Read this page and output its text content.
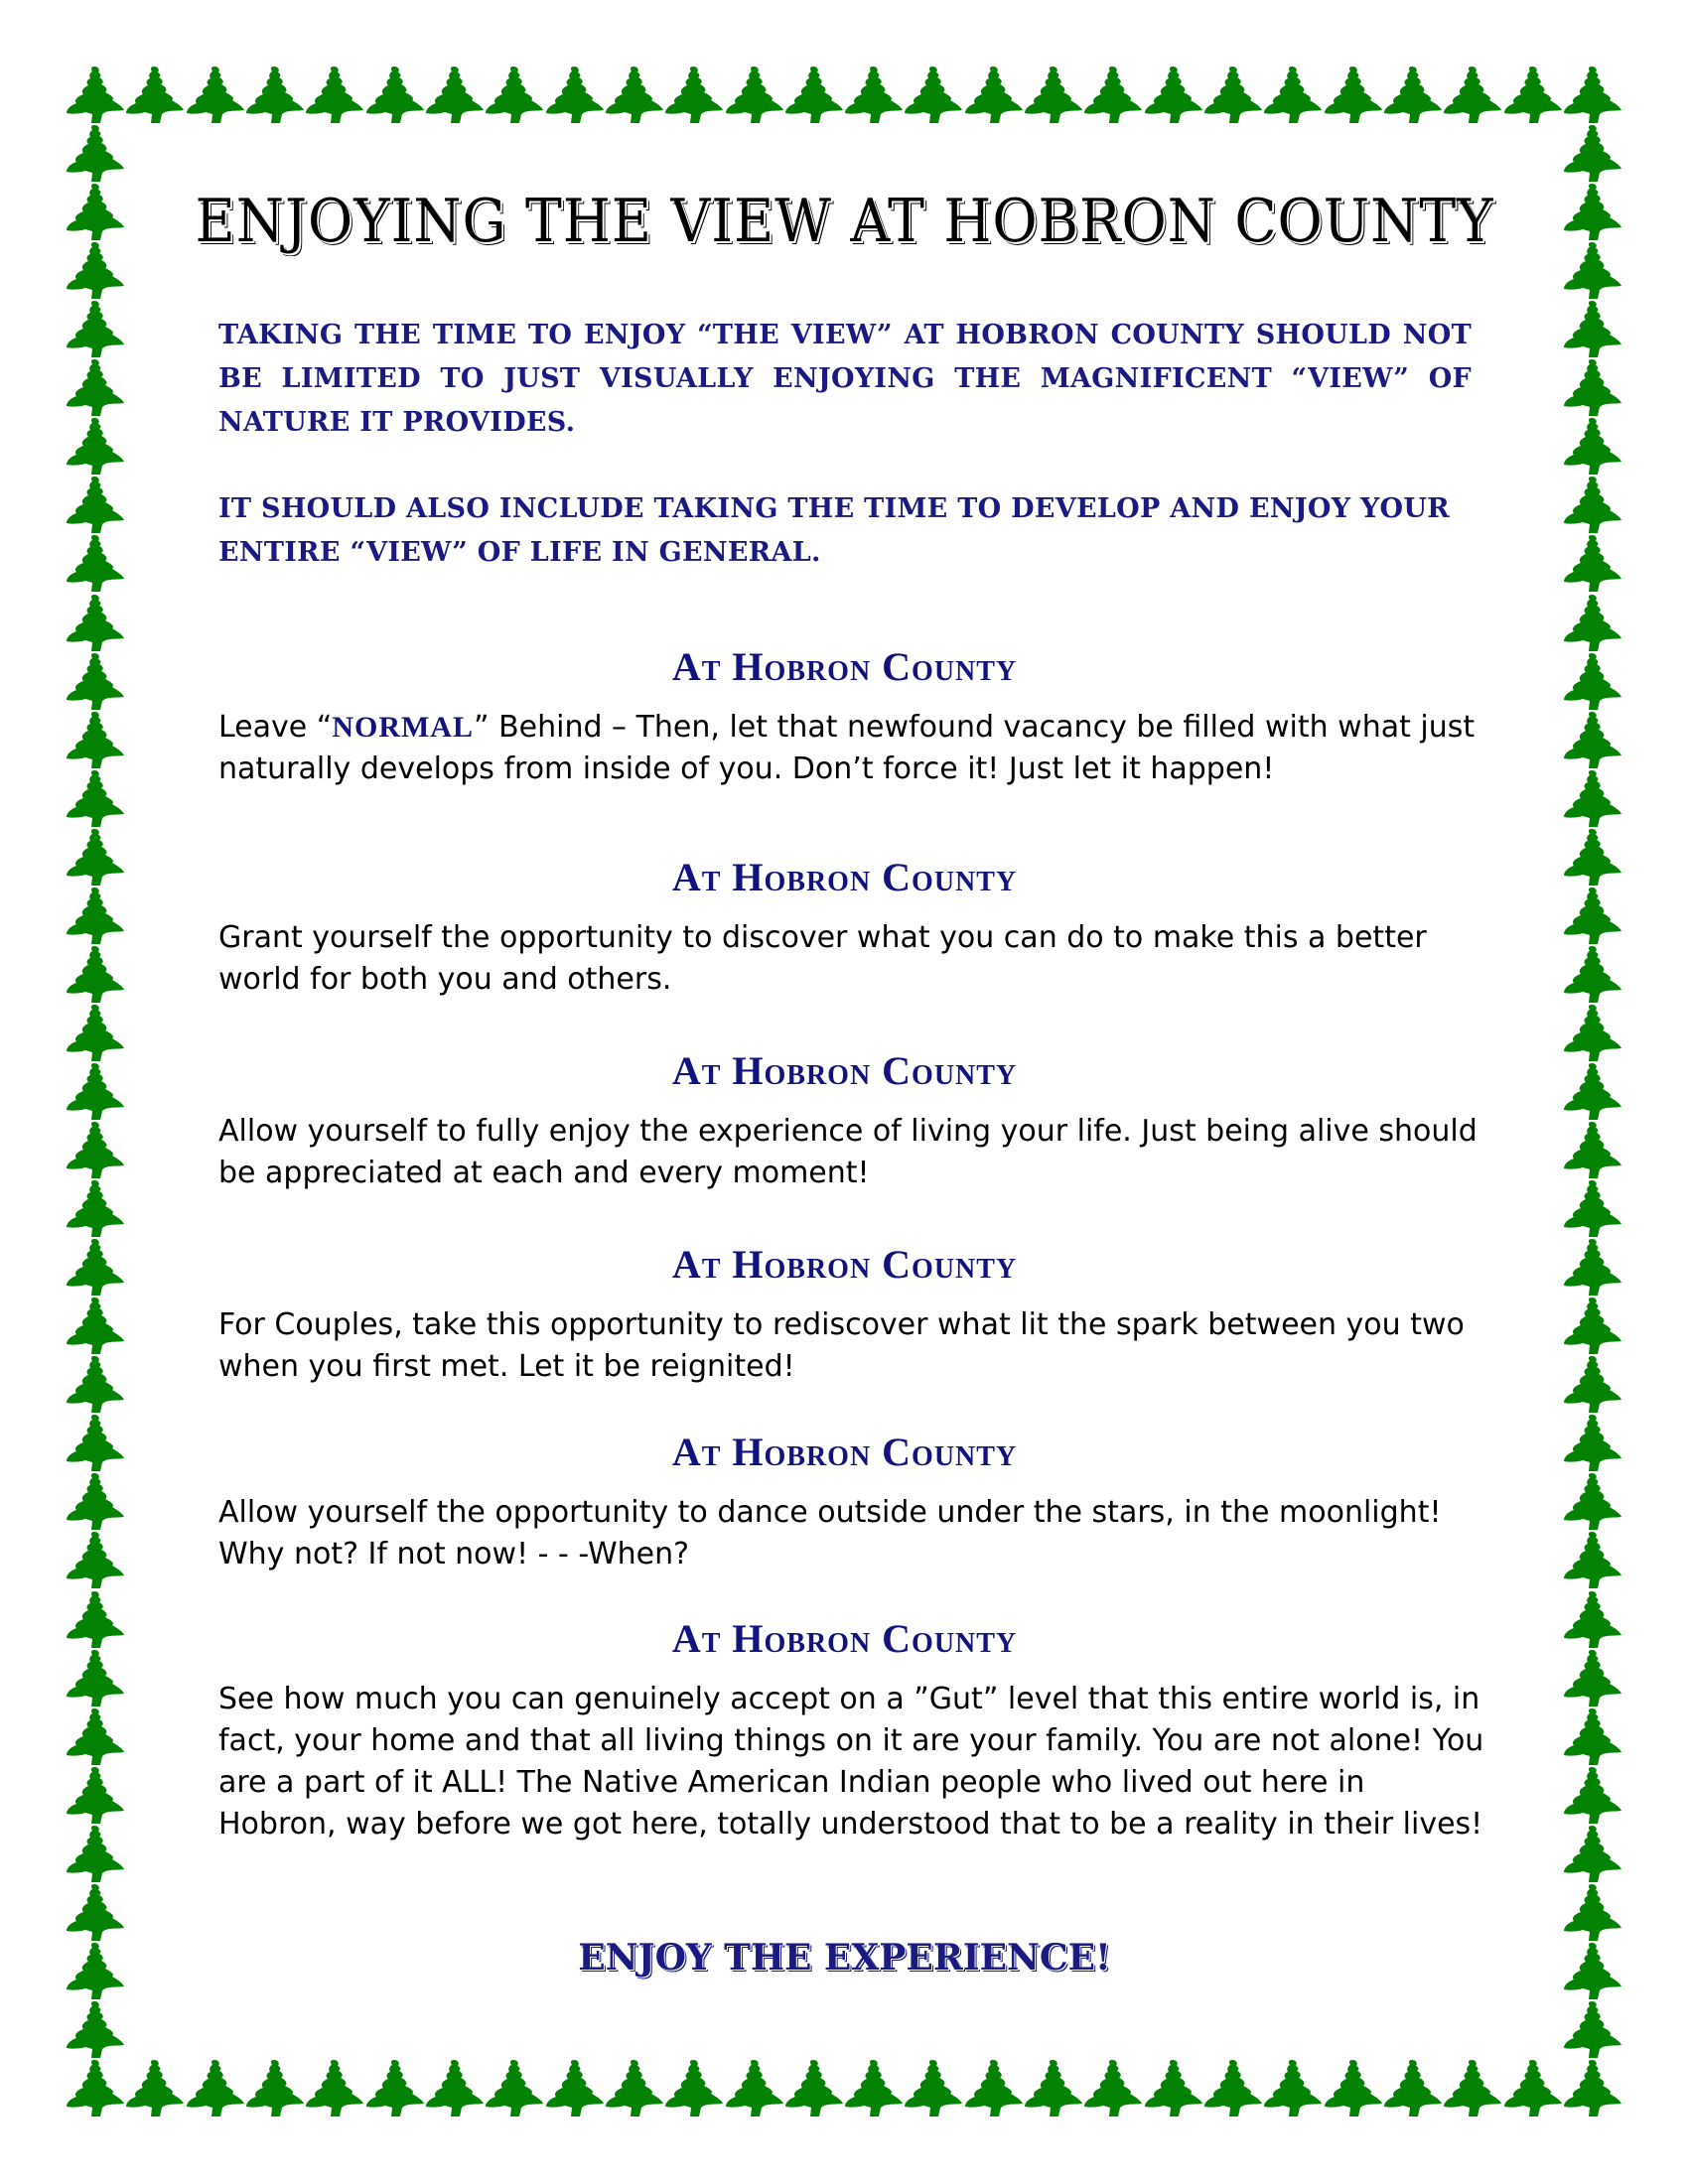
ENJOYING THE VIEW AT HOBRON COUNTY
TAKING THE TIME TO ENJOY “THE VIEW” AT HOBRON COUNTY SHOULD NOT BE LIMITED TO JUST VISUALLY ENJOYING THE MAGNIFICENT “VIEW” OF NATURE IT PROVIDES.
IT SHOULD ALSO INCLUDE TAKING THE TIME TO DEVELOP AND ENJOY YOUR ENTIRE “VIEW” OF LIFE IN GENERAL.
At Hobron County
Leave “NORMAL” Behind – Then, let that newfound vacancy be filled with what just naturally develops from inside of you. Don’t force it! Just let it happen!
At Hobron County
Grant yourself the opportunity to discover what you can do to make this a better world for both you and others.
At Hobron County
Allow yourself to fully enjoy the experience of living your life. Just being alive should be appreciated at each and every moment!
At Hobron County
For Couples, take this opportunity to rediscover what lit the spark between you two when you first met. Let it be reignited!
At Hobron County
Allow yourself the opportunity to dance outside under the stars, in the moonlight! Why not? If not now! - - -When?
At Hobron County
See how much you can genuinely accept on a ”Gut” level that this entire world is, in fact, your home and that all living things on it are your family. You are not alone! You are a part of it ALL! The Native American Indian people who lived out here in Hobron, way before we got here, totally understood that to be a reality in their lives!
ENJOY THE EXPERIENCE!
